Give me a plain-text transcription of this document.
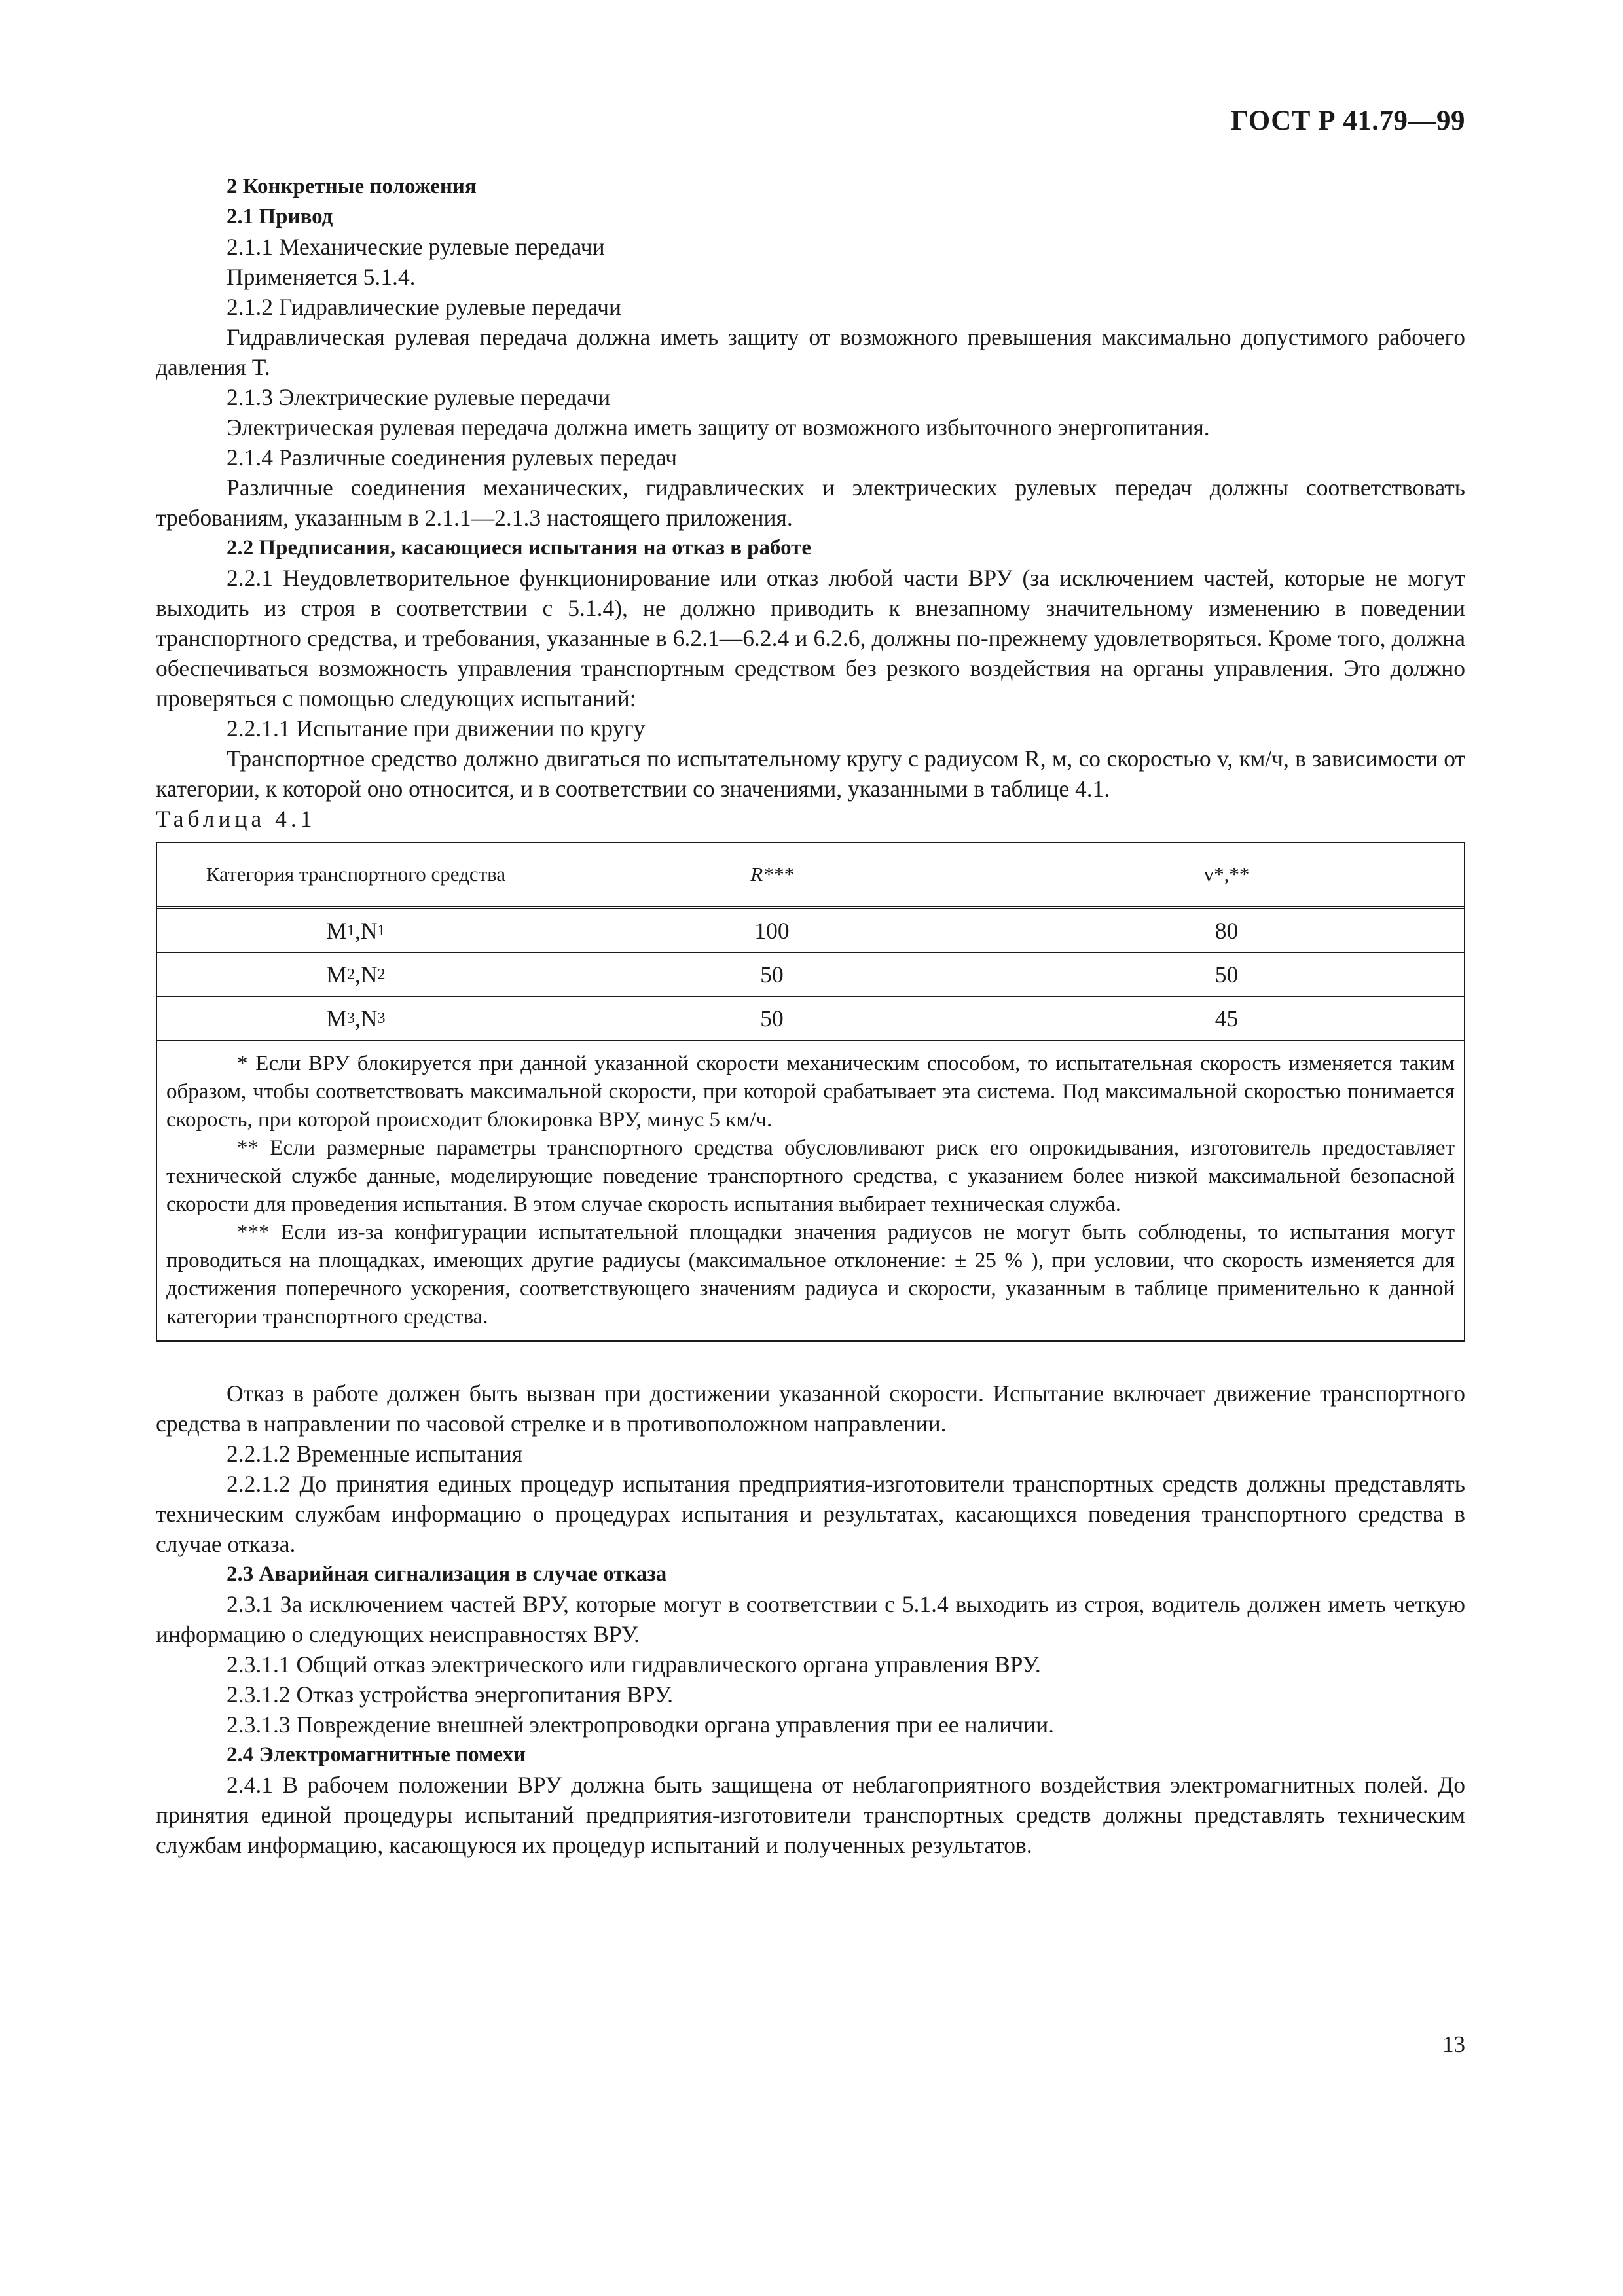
ГОСТ Р 41.79—99

2 Конкретные положения

2.1 Привод

2.1.1 Механические рулевые передачи

Применяется 5.1.4.

2.1.2 Гидравлические рулевые передачи

Гидравлическая рулевая передача должна иметь защиту от возможного превышения максимально допустимого рабочего давления T.

2.1.3 Электрические рулевые передачи

Электрическая рулевая передача должна иметь защиту от возможного избыточного энергопитания.

2.1.4 Различные соединения рулевых передач

Различные соединения механических, гидравлических и электрических рулевых передач должны соответствовать требованиям, указанным в 2.1.1—2.1.3 настоящего приложения.

2.2 Предписания, касающиеся испытания на отказ в работе

2.2.1 Неудовлетворительное функционирование или отказ любой части ВРУ (за исключением частей, которые не могут выходить из строя в соответствии с 5.1.4), не должно приводить к внезапному значительному изменению в поведении транспортного средства, и требования, указанные в 6.2.1—6.2.4 и 6.2.6, должны по-прежнему удовлетворяться. Кроме того, должна обеспечиваться возможность управления транспортным средством без резкого воздействия на органы управления. Это должно проверяться с помощью следующих испытаний:

2.2.1.1 Испытание при движении по кругу

Транспортное средство должно двигаться по испытательному кругу с радиусом R, м, со скоростью v, км/ч, в зависимости от категории, к которой оно относится, и в соответствии со значениями, указанными в таблице 4.1.

Таблица 4.1

Категория транспортного средства	R***	v*,**
M 1 , N 1	100	80
M 2 , N 2	50	50
M 3 , N 3	50	45

* Если ВРУ блокируется при данной указанной скорости механическим способом, то испытательная скорость изменяется таким образом, чтобы соответствовать максимальной скорости, при которой срабатывает эта система. Под максимальной скоростью понимается скорость, при которой происходит блокировка ВРУ, минус 5 км/ч.

** Если размерные параметры транспортного средства обусловливают риск его опрокидывания, изготовитель предоставляет технической службе данные, моделирующие поведение транспортного средства, с указанием более низкой максимальной безопасной скорости для проведения испытания. В этом случае скорость испытания выбирает техническая служба.

*** Если из-за конфигурации испытательной площадки значения радиусов не могут быть соблюдены, то испытания могут проводиться на площадках, имеющих другие радиусы (максимальное отклонение: ± 25 % ), при условии, что скорость изменяется для достижения поперечного ускорения, соответствующего значениям радиуса и скорости, указанным в таблице применительно к данной категории транспортного средства.

Отказ в работе должен быть вызван при достижении указанной скорости. Испытание включает движение транспортного средства в направлении по часовой стрелке и в противоположном направлении.

2.2.1.2 Временные испытания

2.2.1.2 До принятия единых процедур испытания предприятия-изготовители транспортных средств должны представлять техническим службам информацию о процедурах испытания и результатах, касающихся поведения транспортного средства в случае отказа.

2.3 Аварийная сигнализация в случае отказа

2.3.1 За исключением частей ВРУ, которые могут в соответствии с 5.1.4 выходить из строя, водитель должен иметь четкую информацию о следующих неисправностях ВРУ.

2.3.1.1 Общий отказ электрического или гидравлического органа управления ВРУ.

2.3.1.2 Отказ устройства энергопитания ВРУ.

2.3.1.3 Повреждение внешней электропроводки органа управления при ее наличии.

2.4 Электромагнитные помехи

2.4.1 В рабочем положении ВРУ должна быть защищена от неблагоприятного воздействия электромагнитных полей. До принятия единой процедуры испытаний предприятия-изготовители транспортных средств должны представлять техническим службам информацию, касающуюся их процедур испытаний и полученных результатов.

13
